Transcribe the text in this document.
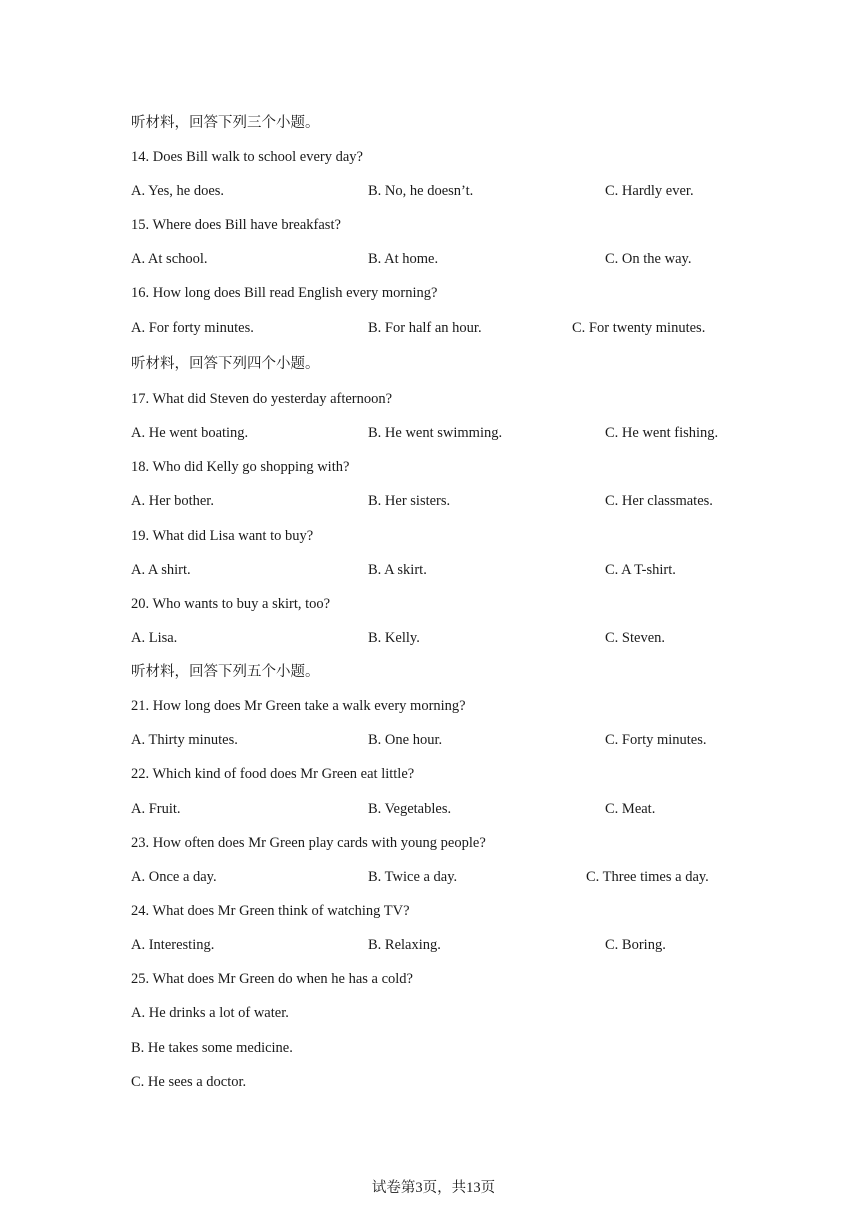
听材料，回答下列三个小题。
14. Does Bill walk to school every day?
A. Yes, he does.	B. No, he doesn’t.	C. Hardly ever.
15. Where does Bill have breakfast?
A. At school.	B. At home.	C. On the way.
16. How long does Bill read English every morning?
A. For forty minutes.	B. For half an hour.	C. For twenty minutes.
听材料，回答下列四个小题。
17. What did Steven do yesterday afternoon?
A. He went boating.	B. He went swimming.	C. He went fishing.
18. Who did Kelly go shopping with?
A. Her bother.	B. Her sisters.	C. Her classmates.
19. What did Lisa want to buy?
A. A shirt.	B. A skirt.	C. A T-shirt.
20. Who wants to buy a skirt, too?
A. Lisa.	B. Kelly.	C. Steven.
听材料，回答下列五个小题。
21. How long does Mr Green take a walk every morning?
A. Thirty minutes.	B. One hour.	C. Forty minutes.
22. Which kind of food does Mr Green eat little?
A. Fruit.	B. Vegetables.	C. Meat.
23. How often does Mr Green play cards with young people?
A. Once a day.	B. Twice a day.	C. Three times a day.
24. What does Mr Green think of watching TV?
A. Interesting.	B. Relaxing.	C. Boring.
25. What does Mr Green do when he has a cold?
A. He drinks a lot of water.
B. He takes some medicine.
C. He sees a doctor.
试卷第3页，共13页
